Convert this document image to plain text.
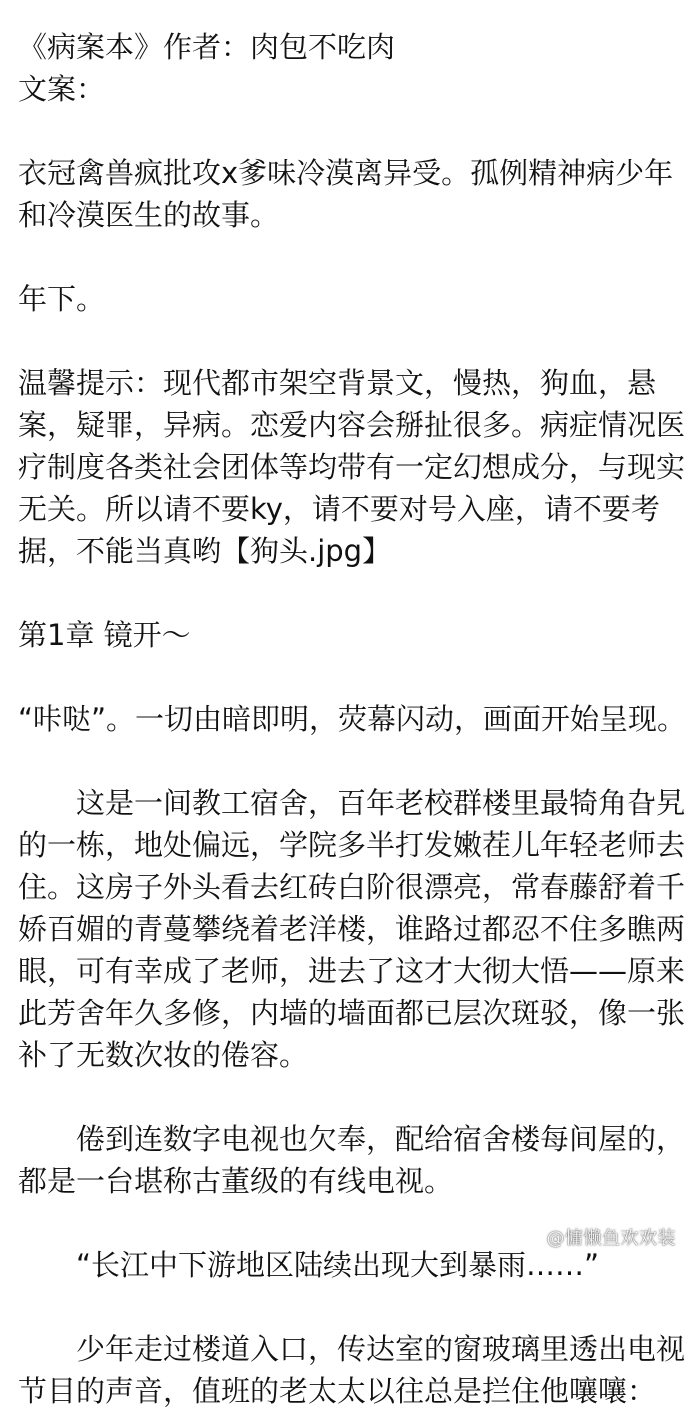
《病案本》作者：肉包不吃肉
文案：
衣冠禽兽疯批攻x爹味冷漠离异受。孤例精神病少年
和冷漠医生的故事。
年下。
温馨提示：现代都市架空背景文，慢热，狗血，悬
案，疑罪，异病。恋爱内容会掰扯很多。病症情况医
疗制度各类社会团体等均带有一定幻想成分，与现实
无关。所以请不要ky，请不要对号入座，请不要考
据，不能当真哟【狗头.jpg】
第1章 镜开～
“咔哒”。一切由暗即明，荧幕闪动，画面开始呈现。
这是一间教工宿舍，百年老校群楼里最犄角旮旯
的一栋，地处偏远，学院多半打发嫩茬儿年轻老师去
住。这房子外头看去红砖白阶很漂亮，常春藤舒着千
娇百媚的青蔓攀绕着老洋楼，谁路过都忍不住多瞧两
眼，可有幸成了老师，进去了这才大彻大悟——原来
此芳舍年久多修，内墙的墙面都已层次斑驳，像一张
补了无数次妆的倦容。
倦到连数字电视也欠奉，配给宿舍楼每间屋的，
都是一台堪称古董级的有线电视。
“长江中下游地区陆续出现大到暴雨……”
少年走过楼道入口，传达室的窗玻璃里透出电视
节目的声音，值班的老太太以往总是拦住他嚷嚷：
@慵懒鱼欢欢装
